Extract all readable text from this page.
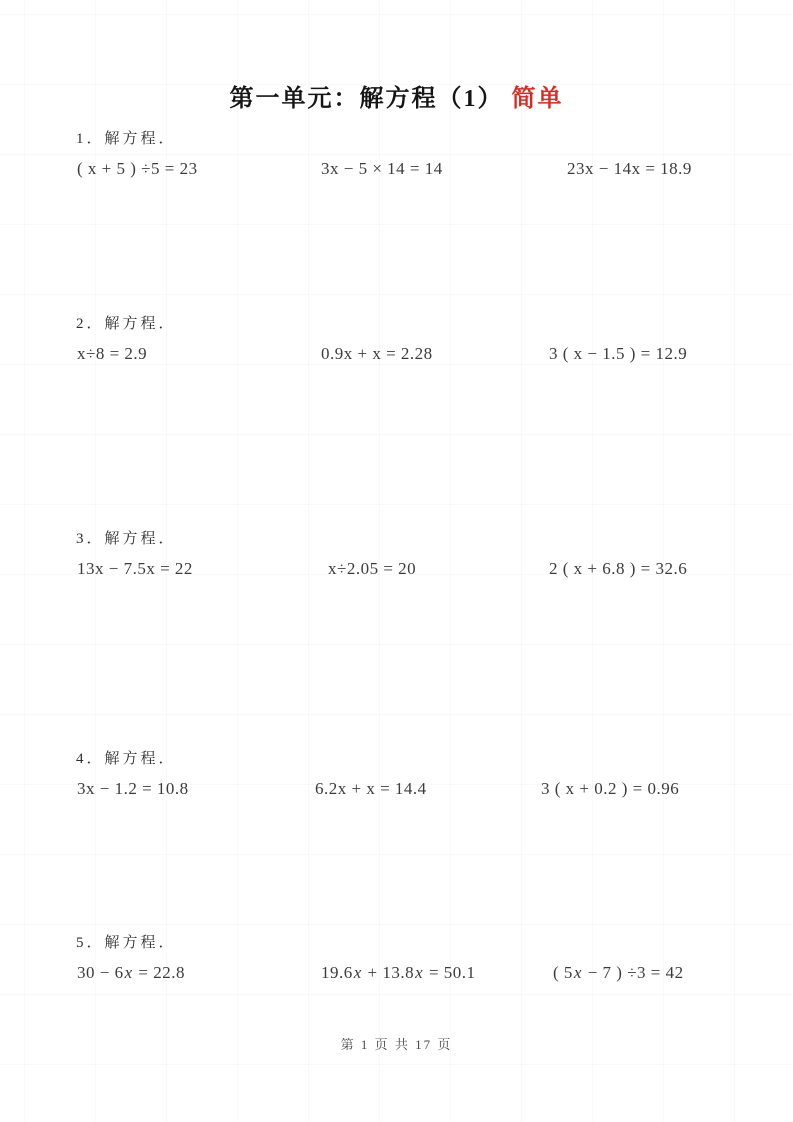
第一单元：解方程（1） 简单
1．解方程．
( x + 5 ) ÷5 = 23	3x − 5 × 14 = 14	23x − 14x = 18.9
2．解方程．
x÷8 = 2.9	0.9x + x = 2.28	3 ( x − 1.5 ) = 12.9
3．解方程．
13x − 7.5x = 22	x÷2.05 = 20	2 ( x + 6.8 ) = 32.6
4．解方程．
3x − 1.2 = 10.8	6.2x + x = 14.4	3 ( x + 0.2 ) = 0.96
5．解方程．
30 − 6x = 22.8	19.6x + 13.8x = 50.1	( 5x − 7 ) ÷3 = 42
第 1 页 共 17 页
